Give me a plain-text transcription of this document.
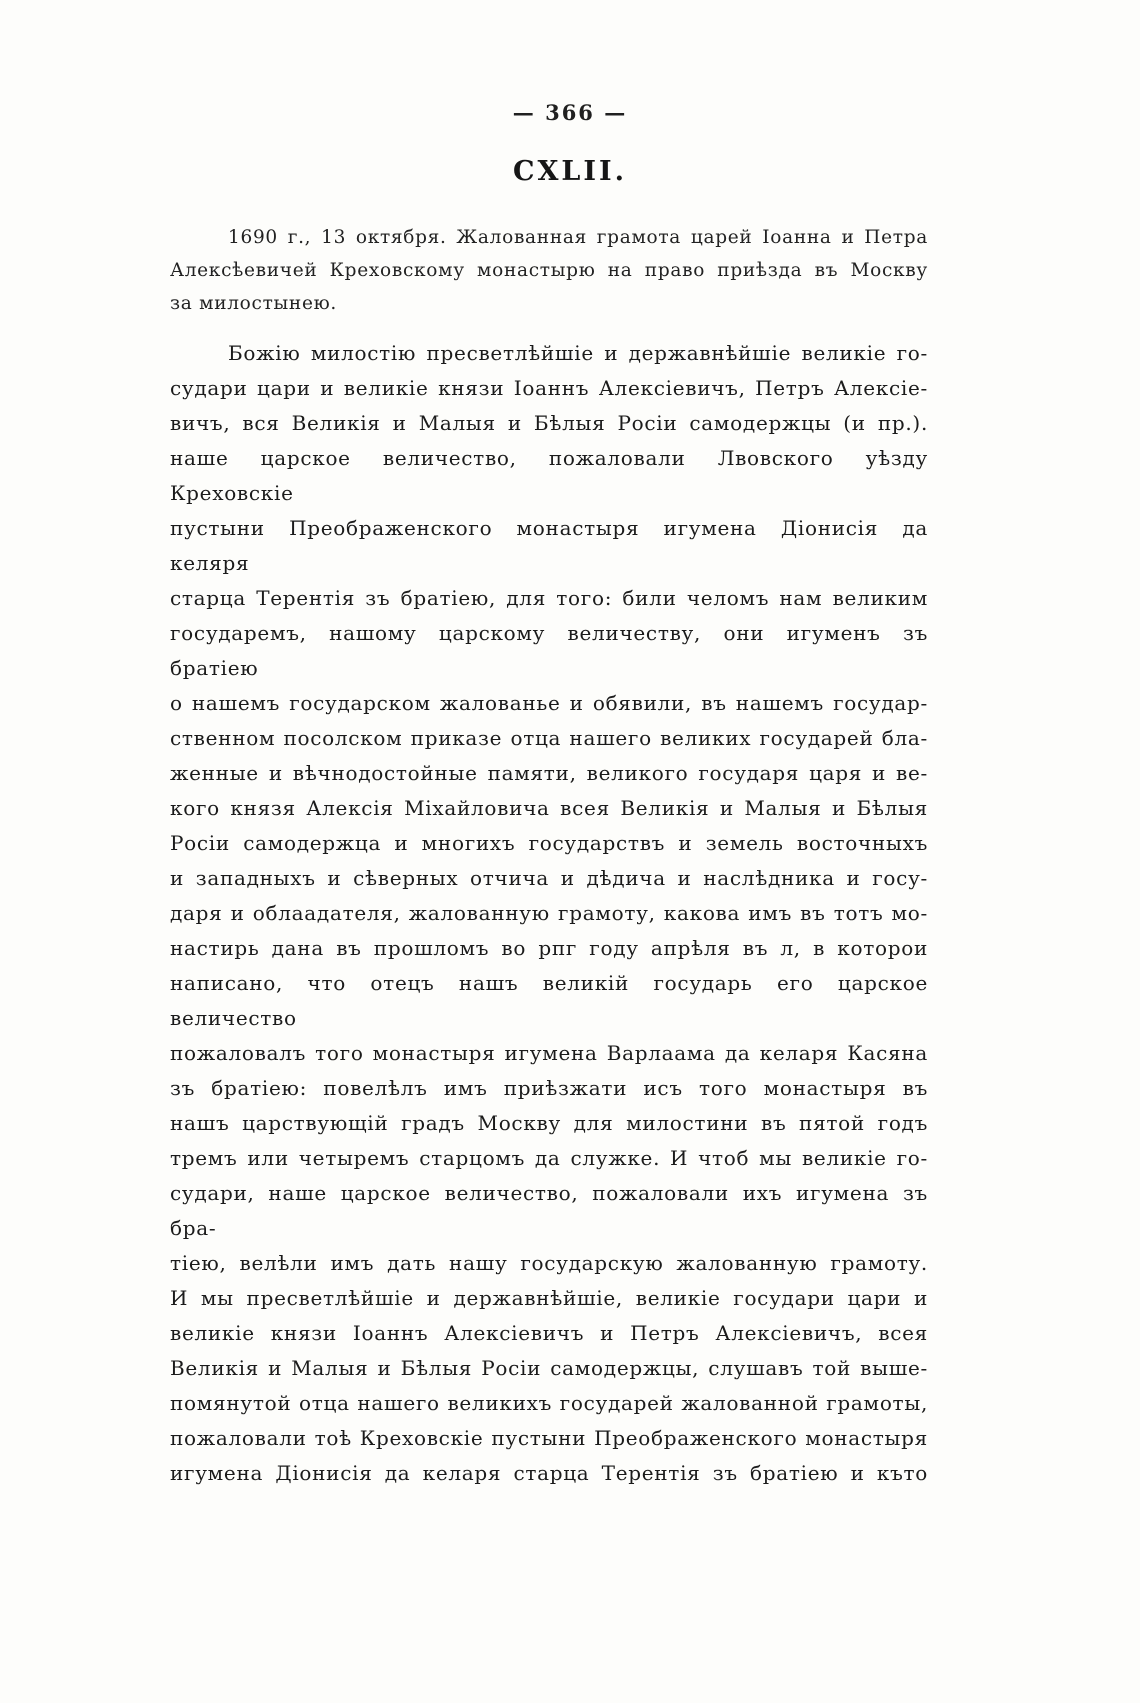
— 366 —
CXLII.
1690 г., 13 октября. Жалованная грамота царей Іоанна и Петра
Алексѣевичей Креховскому монастырю на право приѣзда въ Москву
за милостынею.
Божію милостію пресветлѣйшіе и державнѣйшіе великіе го-
судари цари и великіе князи Іоаннъ Алексіевичъ, Петръ Алексіе-
вичъ, вся Великія и Малыя и Бѣлыя Росіи самодержцы (и пр.).
наше царское величество, пожаловали Лвовского уѣзду Креховскіе
пустыни Преображенского монастыря игумена Діонисія да келяря
старца Терентія зъ братіею, для того: били челомъ нам великим
государемъ, нашому царскому величеству, они игуменъ зъ братіею
о нашемъ государском жалованье и обявили, въ нашемъ государ-
ственном посолском приказе отца нашего великих государей бла-
женные и вѣчнодостойные памяти, великого государя царя и ве-
кого князя Алексія Міхайловича всея Великія и Малыя и Бѣлыя
Росіи самодержца и многихъ государствъ и земель восточныхъ
и западныхъ и сѣверных отчича и дѣдича и наслѣдника и госу-
даря и облаадателя, жалованную грамоту, какова имъ въ тотъ мо-
настирь дана въ прошломъ во рпг году апрѣля въ л, в которои
написано, что отецъ нашъ великій государь его царское величество
пожаловалъ того монастыря игумена Варлаама да келаря Касяна
зъ братіею: повелѣлъ имъ приѣзжати исъ того монастыря въ
нашъ царствующій градъ Москву для милостини въ пятой годъ
тремъ или четыремъ старцомъ да служке. И чтоб мы великіе го-
судари, наше царское величество, пожаловали ихъ игумена зъ бра-
тіею, велѣли имъ дать нашу государскую жалованную грамоту.
И мы пресветлѣйшіе и державнѣйшіе, великіе государи цари и
великіе князи Іоаннъ Алексіевичъ и Петръ Алексіевичъ, всея
Великія и Малыя и Бѣлыя Росіи самодержцы, слушавъ той выше-
помянутой отца нашего великихъ государей жалованной грамоты,
пожаловали тоѣ Креховскіе пустыни Преображенского монастыря
игумена Діонисія да келаря старца Терентія зъ братіею и къто
